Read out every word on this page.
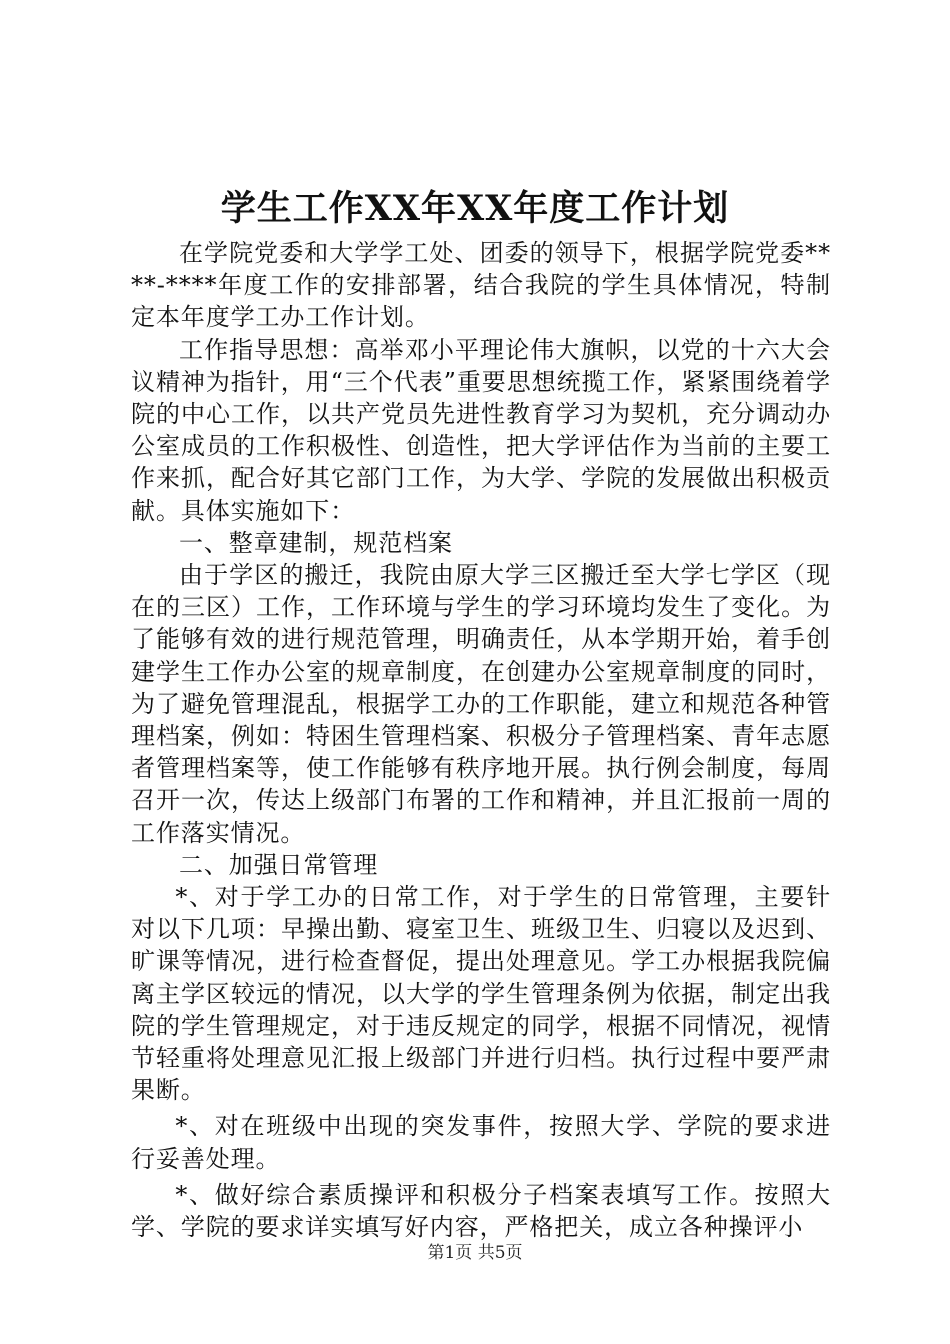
学生工作XX年XX年度工作计划

在学院党委和大学学工处、团委的领导下，根据学院党委****-****年度工作的安排部署，结合我院的学生具体情况，特制定本年度学工办工作计划。

工作指导思想：高举邓小平理论伟大旗帜，以党的十六大会议精神为指针，用“三个代表”重要思想统揽工作，紧紧围绕着学院的中心工作，以共产党员先进性教育学习为契机，充分调动办公室成员的工作积极性、创造性，把大学评估作为当前的主要工作来抓，配合好其它部门工作，为大学、学院的发展做出积极贡献。具体实施如下：

一、整章建制，规范档案

由于学区的搬迁，我院由原大学三区搬迁至大学七学区（现在的三区）工作，工作环境与学生的学习环境均发生了变化。为了能够有效的进行规范管理，明确责任，从本学期开始，着手创建学生工作办公室的规章制度，在创建办公室规章制度的同时，为了避免管理混乱，根据学工办的工作职能，建立和规范各种管理档案，例如：特困生管理档案、积极分子管理档案、青年志愿者管理档案等，使工作能够有秩序地开展。执行例会制度，每周召开一次，传达上级部门布署的工作和精神，并且汇报前一周的工作落实情况。

二、加强日常管理

*、对于学工办的日常工作，对于学生的日常管理，主要针对以下几项：早操出勤、寝室卫生、班级卫生、归寝以及迟到、旷课等情况，进行检查督促，提出处理意见。学工办根据我院偏离主学区较远的情况，以大学的学生管理条例为依据，制定出我院的学生管理规定，对于违反规定的同学，根据不同情况，视情节轻重将处理意见汇报上级部门并进行归档。执行过程中要严肃果断。

*、对在班级中出现的突发事件，按照大学、学院的要求进行妥善处理。

*、做好综合素质操评和积极分子档案表填写工作。按照大学、学院的要求详实填写好内容，严格把关，成立各种操评小

第1页 共5页
